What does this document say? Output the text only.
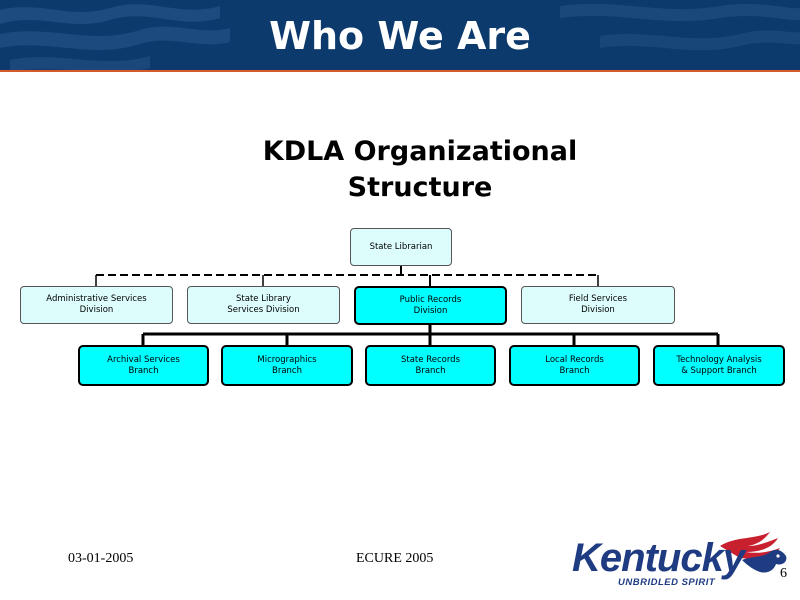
Who We Are
KDLA Organizational
Structure
State Librarian
Administrative Services
Division
State Library
Services Division
Public Records
Division
Field Services
Division
Archival Services
Branch
Micrographics
Branch
State Records
Branch
Local Records
Branch
Technology Analysis
& Support Branch
03-01-2005	ECURE 2005
6
Kentucky
UNBRIDLED SPIRIT
